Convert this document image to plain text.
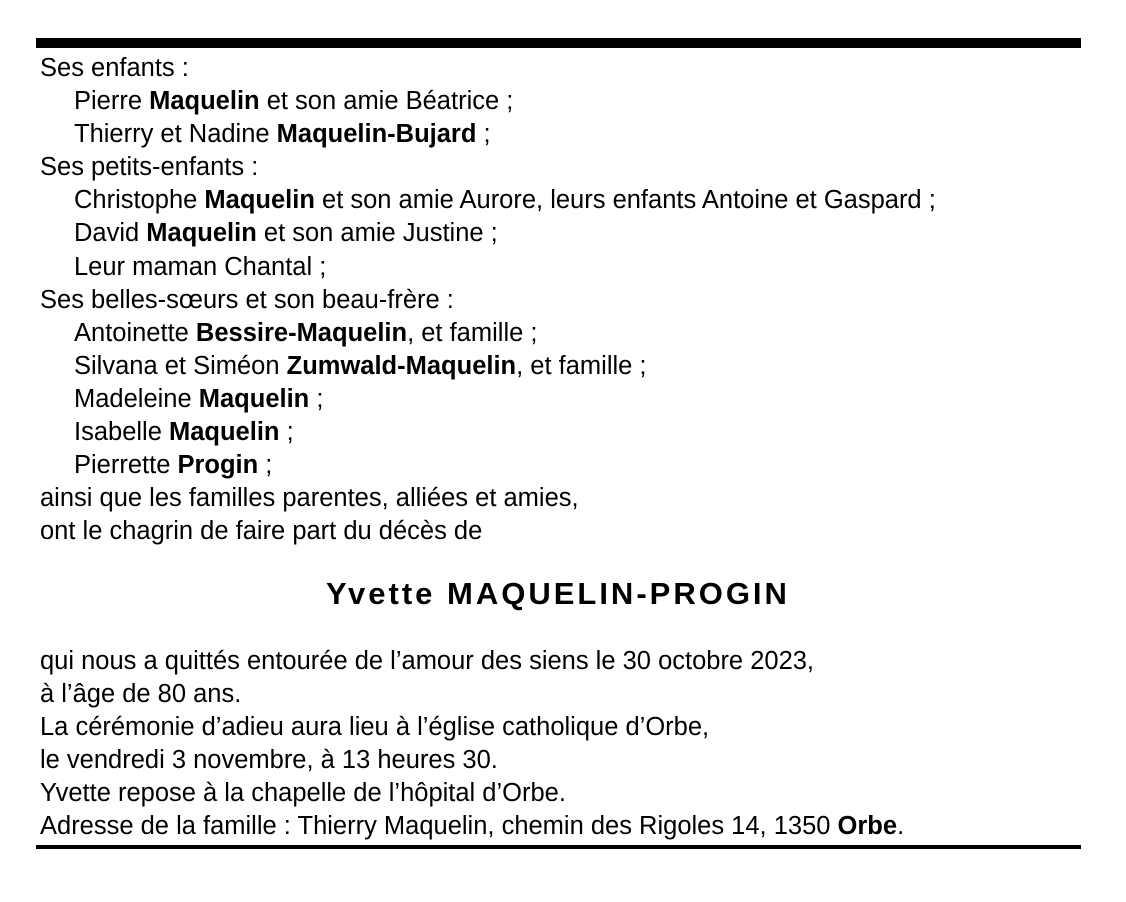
Ses enfants :
Pierre Maquelin et son amie Béatrice ;
Thierry et Nadine Maquelin-Bujard ;
Ses petits-enfants :
Christophe Maquelin et son amie Aurore, leurs enfants Antoine et Gaspard ;
David Maquelin et son amie Justine ;
Leur maman Chantal ;
Ses belles-sœurs et son beau-frère :
Antoinette Bessire-Maquelin, et famille ;
Silvana et Siméon Zumwald-Maquelin, et famille ;
Madeleine Maquelin ;
Isabelle Maquelin ;
Pierrette Progin ;
ainsi que les familles parentes, alliées et amies,
ont le chagrin de faire part du décès de
Yvette MAQUELIN-PROGIN
qui nous a quittés entourée de l’amour des siens le 30 octobre 2023,
à l’âge de 80 ans.
La cérémonie d’adieu aura lieu à l’église catholique d’Orbe,
le vendredi 3 novembre, à 13 heures 30.
Yvette repose à la chapelle de l’hôpital d’Orbe.
Adresse de la famille : Thierry Maquelin, chemin des Rigoles 14, 1350 Orbe.
